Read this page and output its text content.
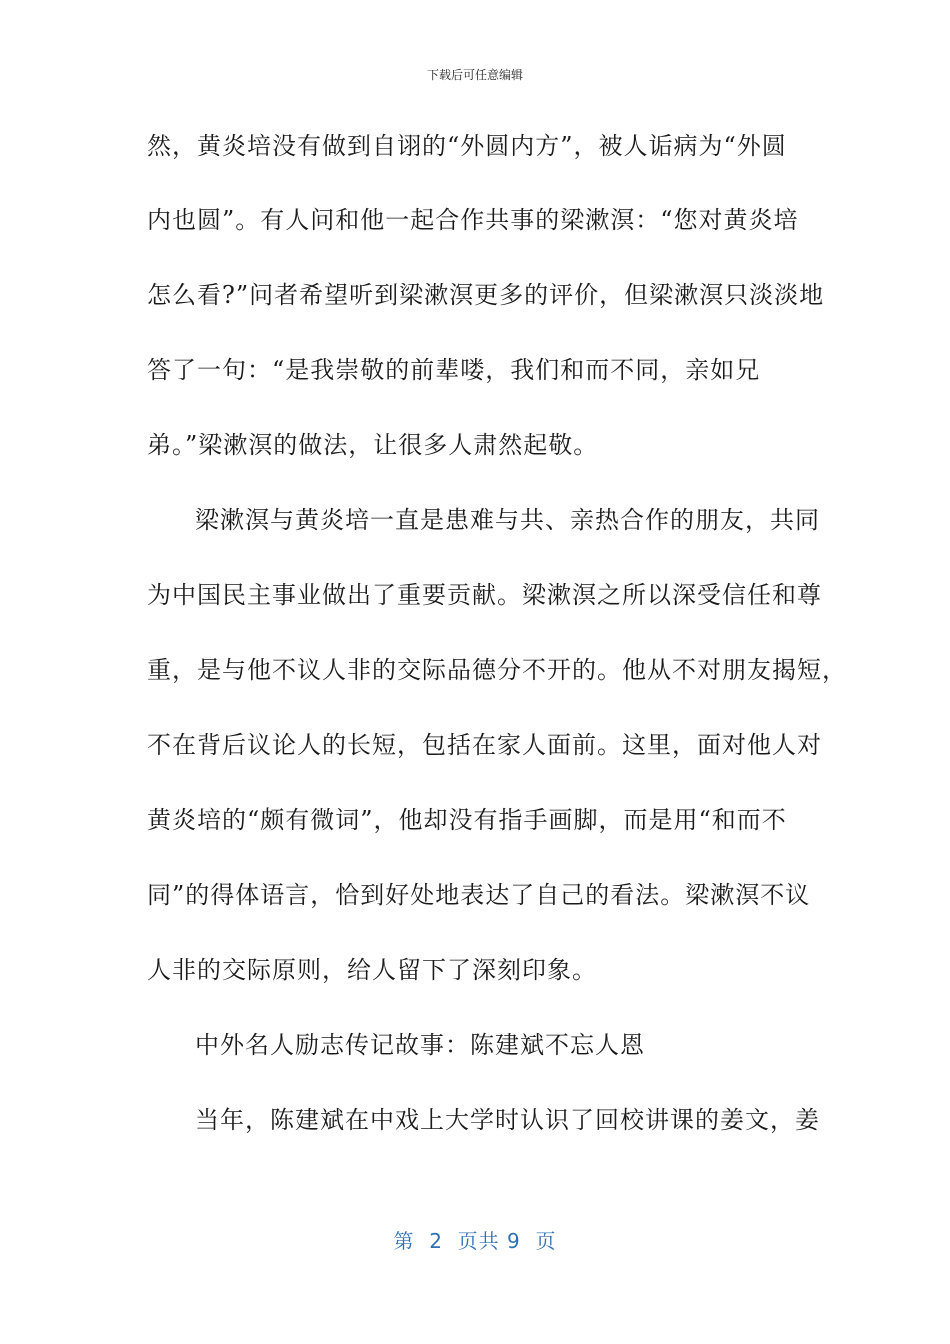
下载后可任意编辑
然，黄炎培没有做到自诩的“外圆内方”，被人诟病为“外圆
内也圆”。有人问和他一起合作共事的梁漱溟：“您对黄炎培
怎么看?”问者希望听到梁漱溟更多的评价，但梁漱溟只淡淡地
答了一句：“是我崇敬的前辈喽，我们和而不同，亲如兄
弟。”梁漱溟的做法，让很多人肃然起敬。
梁漱溟与黄炎培一直是患难与共、亲热合作的朋友，共同
为中国民主事业做出了重要贡献。梁漱溟之所以深受信任和尊
重，是与他不议人非的交际品德分不开的。他从不对朋友揭短，
不在背后议论人的长短，包括在家人面前。这里，面对他人对
黄炎培的“颇有微词”，他却没有指手画脚，而是用“和而不
同”的得体语言，恰到好处地表达了自己的看法。梁漱溟不议
人非的交际原则，给人留下了深刻印象。
中外名人励志传记故事：陈建斌不忘人恩
当年，陈建斌在中戏上大学时认识了回校讲课的姜文，姜
第  2  页共 9  页
